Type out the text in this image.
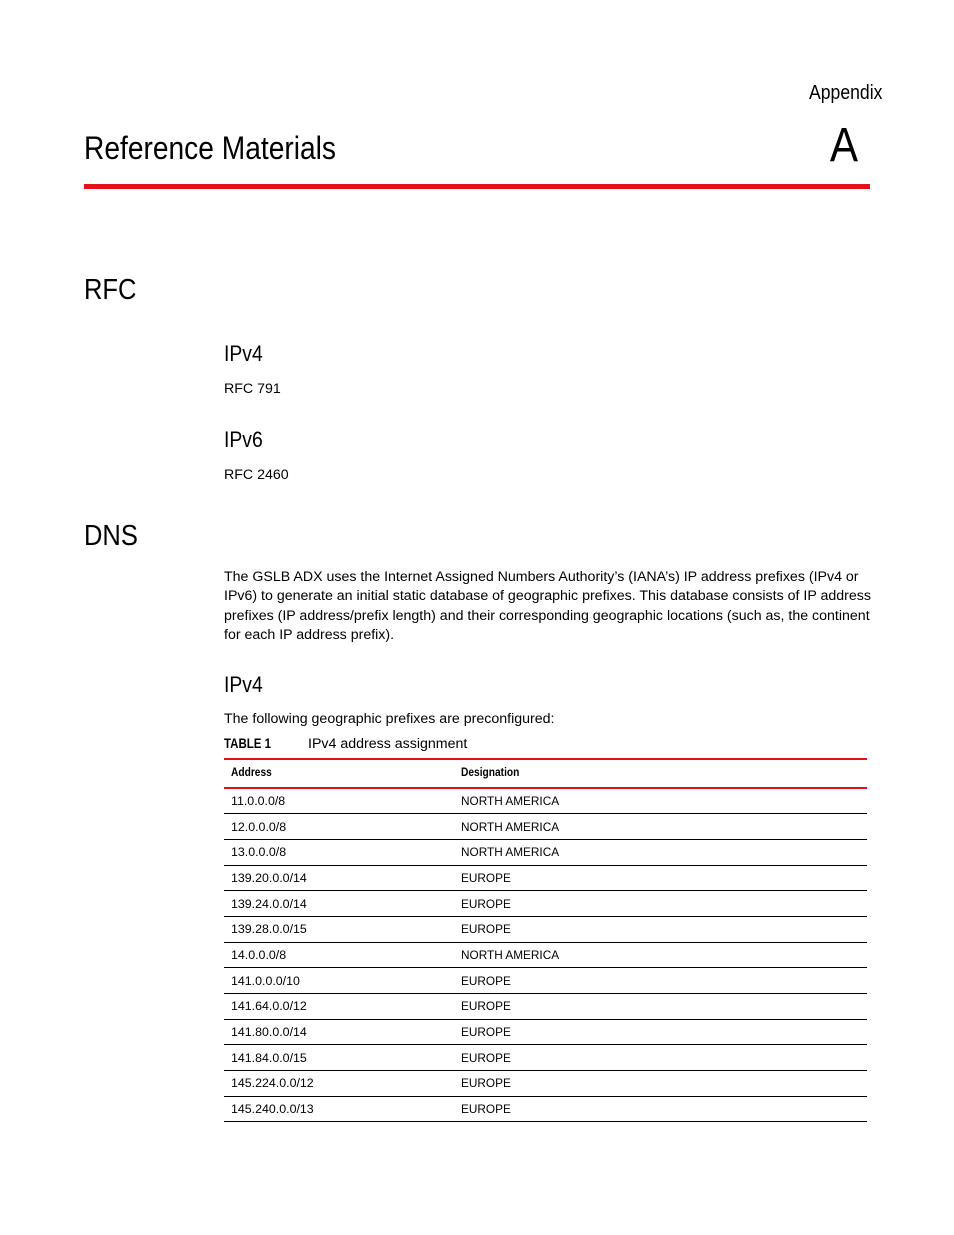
Appendix
A
Reference Materials
RFC
IPv4

RFC 791

IPv6

RFC 2460

DNS

The GSLB ADX uses the Internet Assigned Numbers Authority’s (IANA’s) IP address prefixes (IPv4 or IPv6) to generate an initial static database of geographic prefixes. This database consists of IP address prefixes (IP address/prefix length) and their corresponding geographic locations (such as, the continent for each IP address prefix).

IPv4

The following geographic prefixes are preconfigured:

TABLE 1	IPv4 address assignment
Address	Designation
11.0.0.0/8	NORTH AMERICA
12.0.0.0/8	NORTH AMERICA
13.0.0.0/8	NORTH AMERICA
139.20.0.0/14	EUROPE
139.24.0.0/14	EUROPE
139.28.0.0/15	EUROPE
14.0.0.0/8	NORTH AMERICA
141.0.0.0/10	EUROPE
141.64.0.0/12	EUROPE
141.80.0.0/14	EUROPE
141.84.0.0/15	EUROPE
145.224.0.0/12	EUROPE
145.240.0.0/13	EUROPE
